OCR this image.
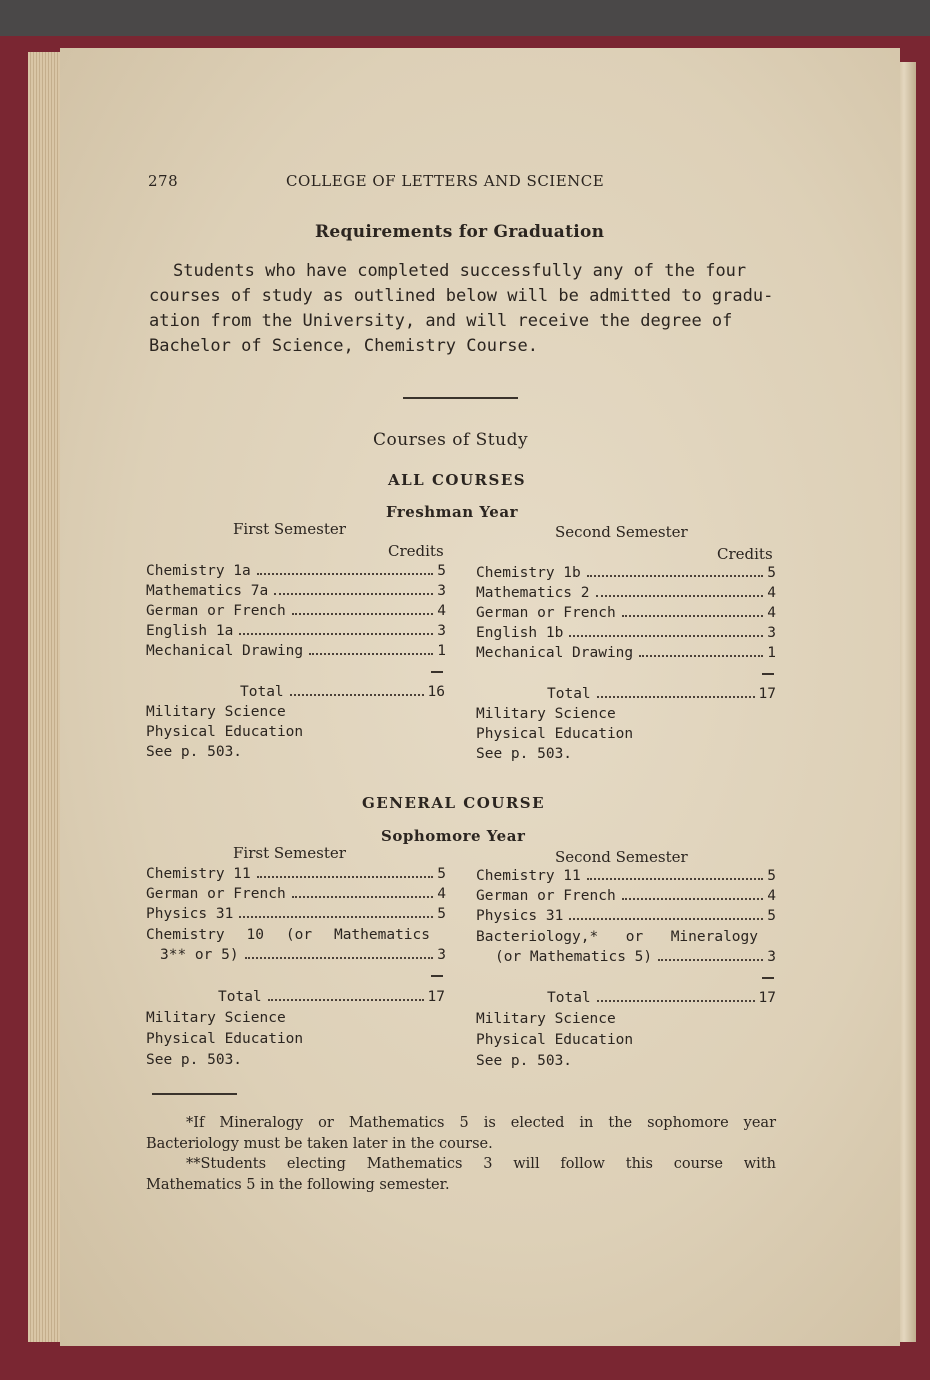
278	COLLEGE OF LETTERS AND SCIENCE
Requirements for Graduation
Students who have completed successfully any of the four
courses of study as outlined below will be admitted to gradu-
ation from the University, and will receive the degree of
Bachelor of Science, Chemistry Course.
Courses of Study
ALL COURSES
Freshman Year
First Semester
Credits
Chemistry 1a	5
Mathematics 7a	3
German or French	4
English 1a	3
Mechanical Drawing	1
Total	16
Military Science
Physical Education
See p. 503.
Second Semester
Credits
Chemistry 1b	5
Mathematics 2	4
German or French	4
English 1b	3
Mechanical Drawing	1
Total	17
Military Science
Physical Education
See p. 503.
GENERAL COURSE
Sophomore Year
First Semester
Chemistry 11	5
German or French	4
Physics 31	5
Chemistry 10 (or Mathematics
3** or 5)	3
Total	17
Military Science
Physical Education
See p. 503.
Second Semester
Chemistry 11	5
German or French	4
Physics 31	5
Bacteriology,* or Mineralogy
(or Mathematics 5)	3
Total	17
Military Science
Physical Education
See p. 503.
*If Mineralogy or Mathematics 5 is elected in the sophomore year
Bacteriology must be taken later in the course.
**Students electing Mathematics 3 will follow this course with
Mathematics 5 in the following semester.
